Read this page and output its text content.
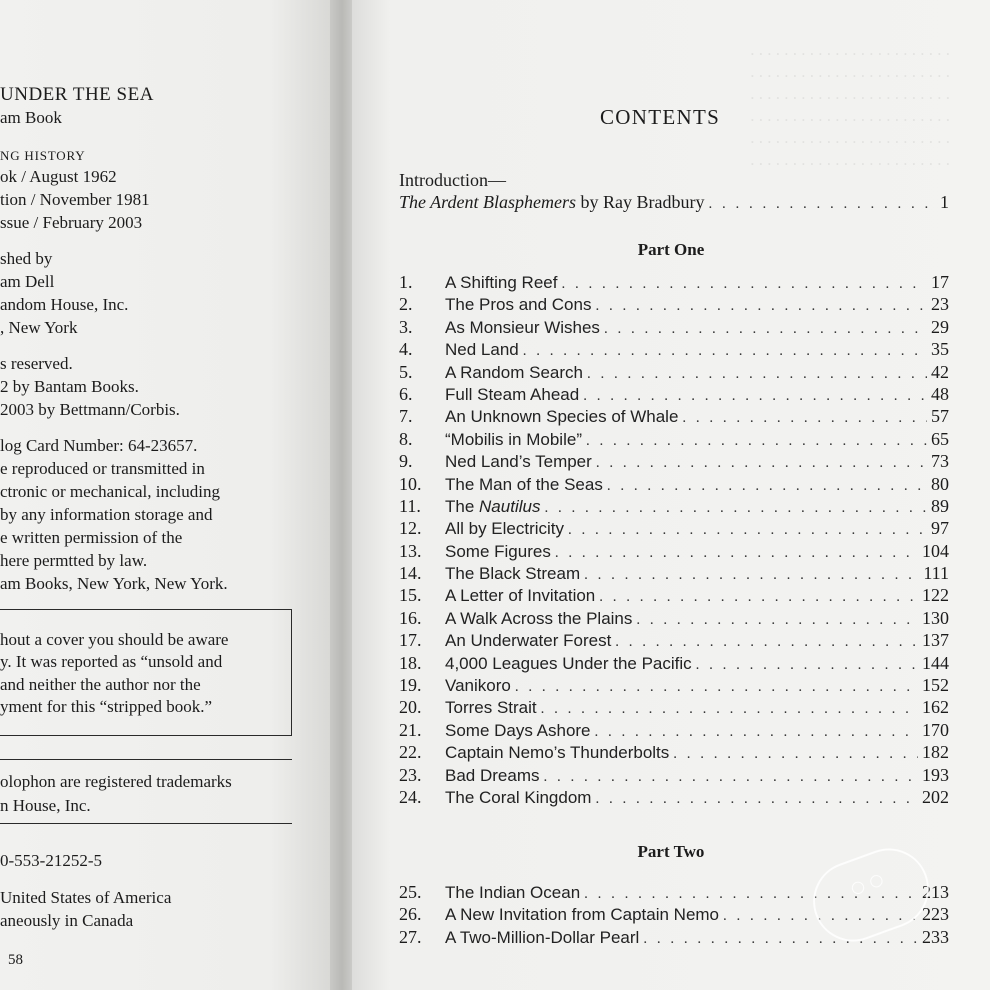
UNDER THE SEA
am Book
NG HISTORY
ok / August 1962
tion / November 1981
ssue / February 2003
shed by
am Dell
andom House, Inc.
, New York
s reserved.
2 by Bantam Books.
2003 by Bettmann/Corbis.
log Card Number: 64-23657.
e reproduced or transmitted in
ctronic or mechanical, including
by any information storage and
e written permission of the
here permtted by law.
am Books, New York, New York.
hout a cover you should be aware
y. It was reported as “unsold and
and neither the author nor the
yment for this “stripped book.”
olophon are registered trademarks
n House, Inc.
0-553-21252-5
United States of America
aneously in Canada
58
. . . . . . . . . . . . . . . . . . . . . . . .
. . . . . . . . . . . . . . . . . . . . . . . .
. . . . . . . . . . . . . . . . . . . . . . . .
. . . . . . . . . . . . . . . . . . . . . . . .
. . . . . . . . . . . . . . . . . . . . . . . .
. . . . . . . . . . . . . . . . . . . . . . . .
CONTENTS
Introduction—
The Ardent Blasphemers
by Ray Bradbury . . .	1
Part One
1.	A Shifting Reef . . .	17
2.	The Pros and Cons . . .	23
3.	As Monsieur Wishes . . .	29
4.	Ned Land . . .	35
5.	A Random Search . . .	42
6.	Full Steam Ahead . . .	48
7.	An Unknown Species of Whale . . .	57
8.	“Mobilis in Mobile” . . .	65
9.	Ned Land’s Temper . . .	73
10.	The Man of the Seas . . .	80
11.	The Nautilus . . .	89
12.	All by Electricity . . .	97
13.	Some Figures . . .	104
14.	The Black Stream . . .	111
15.	A Letter of Invitation . . .	122
16.	A Walk Across the Plains . . .	130
17.	An Underwater Forest . . .	137
18.	4,000 Leagues Under the Pacific . . .	144
19.	Vanikoro . . .	152
20.	Torres Strait . . .	162
21.	Some Days Ashore . . .	170
22.	Captain Nemo’s Thunderbolts . . .	182
23.	Bad Dreams . . .	193
24.	The Coral Kingdom . . .	202
Part Two
25.	The Indian Ocean . . .	213
26.	A New Invitation from Captain Nemo . . .	223
27.	A Two-Million-Dollar Pearl . . .	233
○ ○
